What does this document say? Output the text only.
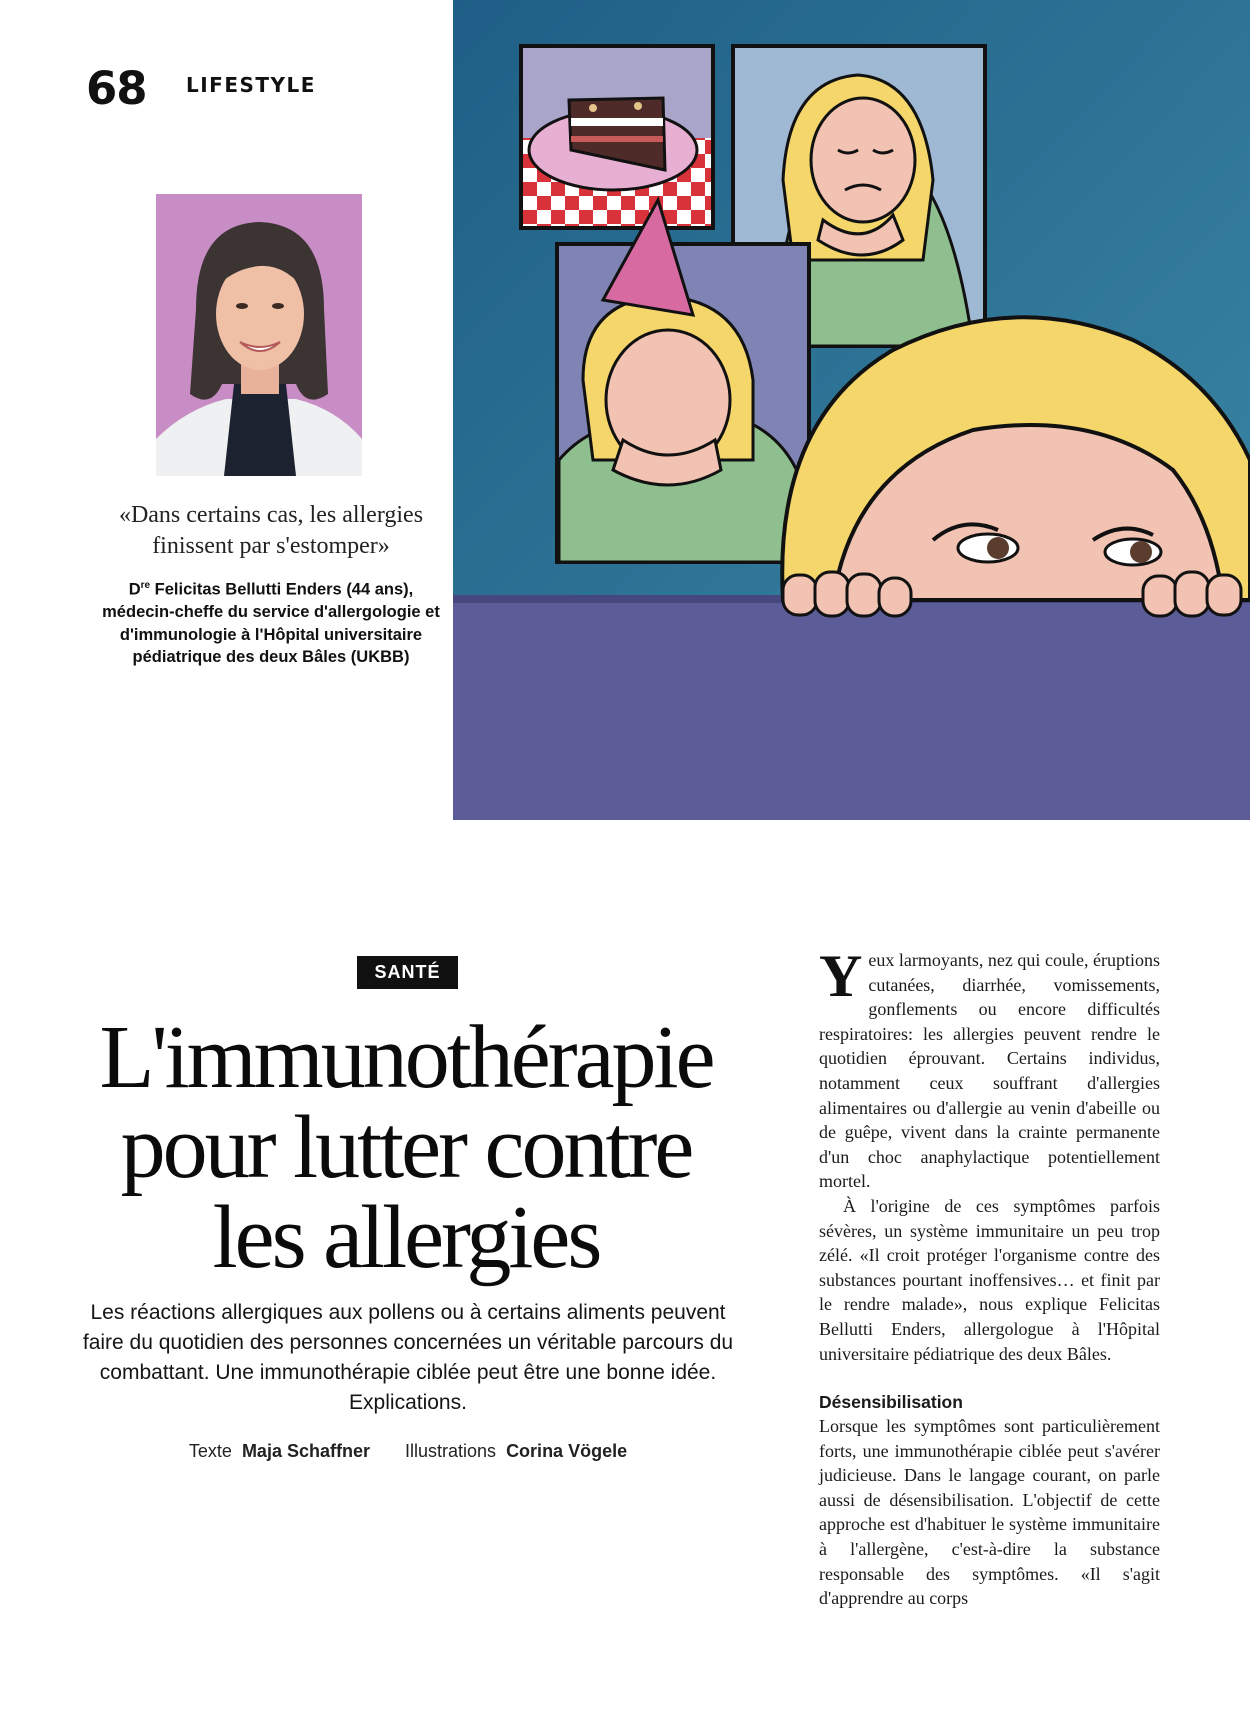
68 LIFESTYLE
«Dans certains cas, les allergies finissent par s'estomper»
Dre Felicitas Bellutti Enders (44 ans), médecin-cheffe du service d'allergologie et d'immunologie à l'Hôpital universitaire pédiatrique des deux Bâles (UKBB)
SANTÉ
L'immunothérapie pour lutter contre les allergies
Les réactions allergiques aux pollens ou à certains aliments peuvent faire du quotidien des personnes concernées un véritable parcours du combattant. Une immunothérapie ciblée peut être une bonne idée. Explications.
Texte Maja Schaffner Illustrations Corina Vögele

Yeux larmoyants, nez qui coule, éruptions cutanées, diarrhée, vomissements, gonflements ou encore difficultés respiratoires: les allergies peuvent rendre le quotidien éprouvant. Certains individus, notamment ceux souffrant d'allergies alimentaires ou d'allergie au venin d'abeille ou de guêpe, vivent dans la crainte permanente d'un choc anaphylactique potentiellement mortel.

À l'origine de ces symptômes parfois sévères, un système immunitaire un peu trop zélé. «Il croit protéger l'organisme contre des substances pourtant inoffensives… et finit par le rendre malade», nous explique Felicitas Bellutti Enders, allergologue à l'Hôpital universitaire pédiatrique des deux Bâles.

Désensibilisation

Lorsque les symptômes sont particulièrement forts, une immunothérapie ciblée peut s'avérer judicieuse. Dans le langage courant, on parle aussi de désensibilisation. L'objectif de cette approche est d'habituer le système immunitaire à l'allergène, c'est-à-dire la substance responsable des symptômes. «Il s'agit d'apprendre au corps
